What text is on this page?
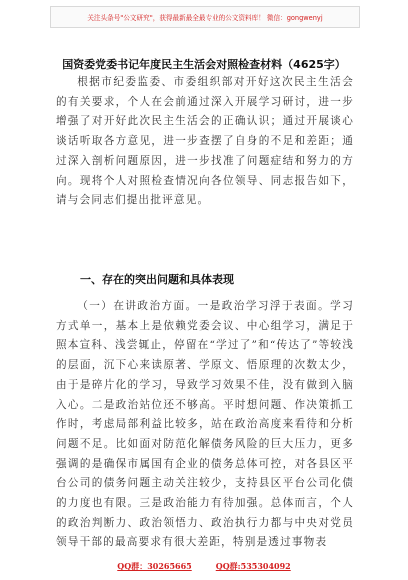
关注头条号"公文研究"，获得最新最全最专业的公文资料库！ 微信：gongwenyj
国资委党委书记年度民主生活会对照检查材料（4625字）

根据市纪委监委、市委组织部对开好这次民主生活会的有关要求，个人在会前通过深入开展学习研讨，进一步增强了对开好此次民主生活会的正确认识；通过开展谈心谈话听取各方意见，进一步查摆了自身的不足和差距；通过深入剖析问题原因，进一步找准了问题症结和努力的方向。现将个人对照检查情况向各位领导、同志报告如下，请与会同志们提出批评意见。

一、存在的突出问题和具体表现

（一）在讲政治方面。一是政治学习浮于表面。学习方式单一，基本上是依赖党委会议、中心组学习，满足于照本宣科、浅尝辄止，停留在“学过了”和“传达了”等较浅的层面，沉下心来读原著、学原文、悟原理的次数太少，由于是碎片化的学习，导致学习效果不佳，没有做到入脑入心。二是政治站位还不够高。平时想问题、作决策抓工作时，考虑局部利益比较多，站在政治高度来看待和分析问题不足。比如面对防范化解债务风险的巨大压力，更多强调的是确保市属国有企业的债务总体可控，对各县区平台公司的债务问题主动关注较少，支持县区平台公司化债的力度也有限。三是政治能力有待加强。总体而言，个人的政治判断力、政治领悟力、政治执行力都与中央对党员领导干部的最高要求有很大差距，特别是透过事物表

QQ群：30265665	QQ群:535304092
